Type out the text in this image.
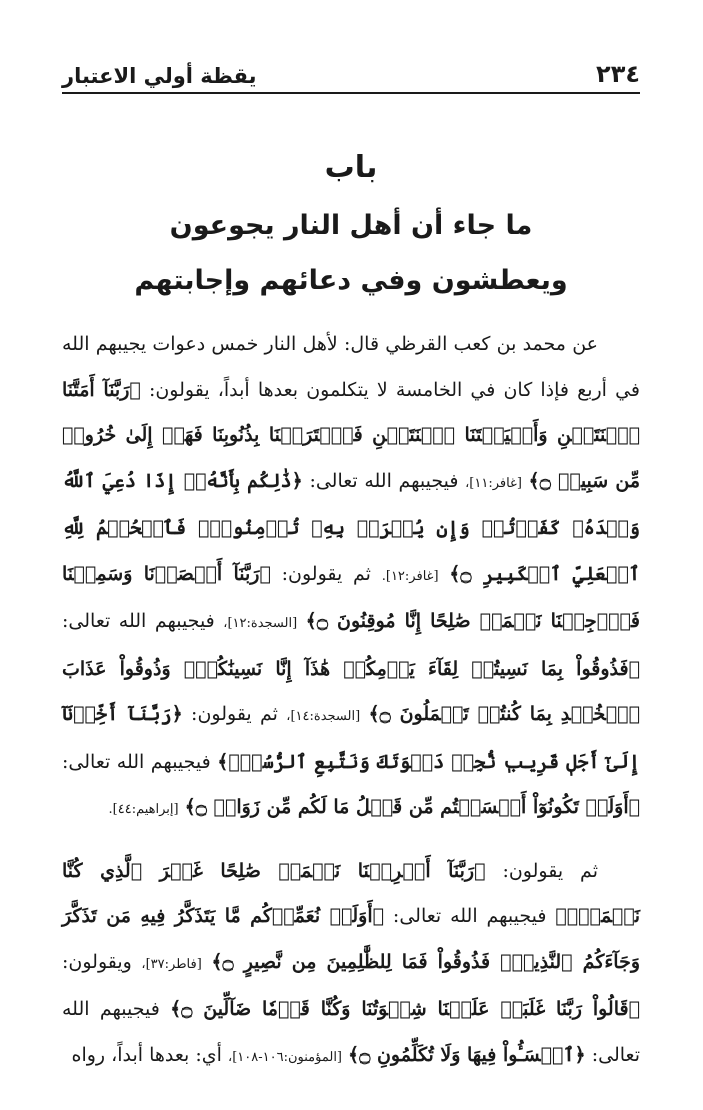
يقظة أولي الاعتبار	٢٣٤
باب
ما جاء أن أهل النار يجوعون
ويعطشون وفي دعائهم وإجابتهم

عن محمد بن كعب القرظي قال: لأهل النار خمس دعوات يجيبهم الله في أربع فإذا كان في الخامسة لا يتكلمون بعدها أبداً، يقولون: ﴿رَبَّنَآ أَمَتَّنَا ٱثۡنَتَيۡنِ وَأَحۡيَيۡتَنَا ٱثۡنَتَيۡنِ فَٱعۡتَرَفۡنَا بِذُنُوبِنَا فَهَلۡ إِلَىٰ خُرُوجٖ مِّن سَبِيلٖ ۝﴾ [غافر:١١]، فيجيبهم الله تعالى: ﴿ذَٰلِكُم بِأَنَّهُۥٓ إِذَا دُعِيَ ٱللَّهُ وَحۡدَهُۥ كَفَرۡتُمۡ وَإِن يُشۡرَكۡ بِهِۦ تُؤۡمِنُواْۚ فَٱلۡحُكۡمُ لِلَّهِ ٱلۡعَلِيِّ ٱلۡكَبِيرِ ۝﴾ [غافر:١٢]. ثم يقولون: ﴿رَبَّنَآ أَبۡصَرۡنَا وَسَمِعۡنَا فَٱرۡجِعۡنَا نَعۡمَلۡ صَٰلِحًا إِنَّا مُوقِنُونَ ۝﴾ [السجدة:١٢]، فيجيبهم الله تعالى: ﴿فَذُوقُواْ بِمَا نَسِيتُمۡ لِقَآءَ يَوۡمِكُمۡ هَٰذَآ إِنَّا نَسِينَٰكُمۡۖ وَذُوقُواْ عَذَابَ ٱلۡخُلۡدِ بِمَا كُنتُمۡ تَعۡمَلُونَ ۝﴾ [السجدة:١٤]، ثم يقولون: ﴿رَبَّنَآ أَخِّرۡنَآ إِلَىٰٓ أَجَلٖ قَرِيبٖ نُّجِبۡ دَعۡوَتَكَ وَنَتَّبِعِ ٱلرُّسُلَۗ﴾ فيجيبهم الله تعالى: ﴿أَوَلَمۡ تَكُونُوٓاْ أَقۡسَمۡتُم مِّن قَبۡلُ مَا لَكُم مِّن زَوَالٖ ۝﴾ [إبراهيم:٤٤].

ثم يقولون: ﴿رَبَّنَآ أَخۡرِجۡنَا نَعۡمَلۡ صَٰلِحًا غَيۡرَ ٱلَّذِي كُنَّا نَعۡمَلُۚ﴾ فيجيبهم الله تعالى: ﴿أَوَلَمۡ نُعَمِّرۡكُم مَّا يَتَذَكَّرُ فِيهِ مَن تَذَكَّرَ وَجَآءَكُمُ ٱلنَّذِيرُۖ فَذُوقُواْ فَمَا لِلظَّٰلِمِينَ مِن نَّصِيرٍ ۝﴾ [فاطر:٣٧]، ويقولون: ﴿قَالُواْ رَبَّنَا غَلَبَتۡ عَلَيۡنَا شِقۡوَتُنَا وَكُنَّا قَوۡمٗا ضَآلِّينَ ۝﴾ فيجيبهم الله تعالى: ﴿ٱخۡسَـُٔواْ فِيهَا وَلَا تُكَلِّمُونِ ۝﴾ [المؤمنون:١٠٦-١٠٨]، أي: بعدها أبداً، رواه
